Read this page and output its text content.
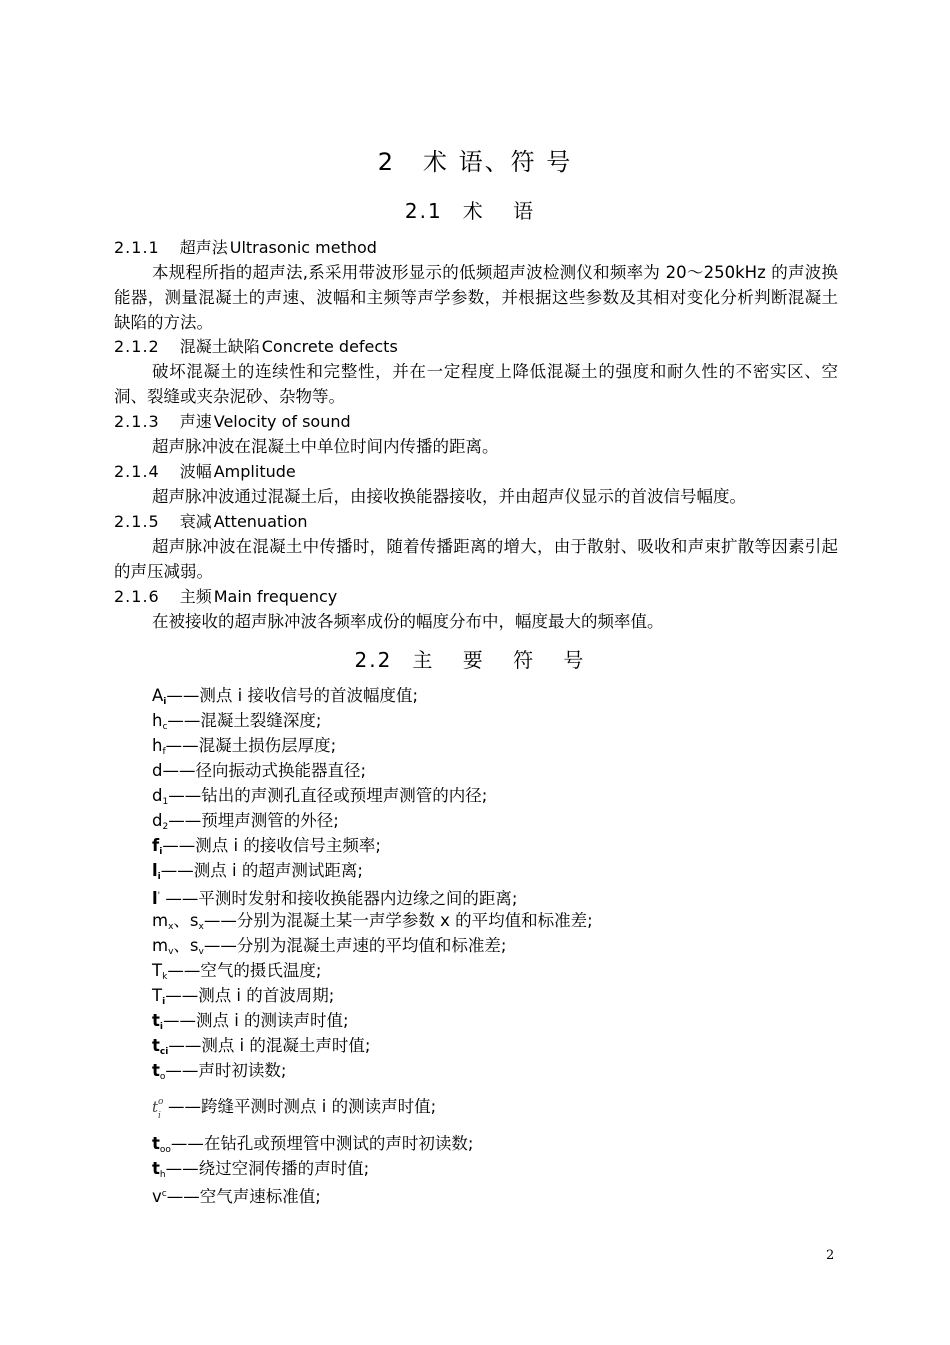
2 术 语、符 号
2.1 术 语
2.1.1 超声法 Ultrasonic method
本规程所指的超声法,系采用带波形显示的低频超声波检测仪和频率为 20～250kHz 的声波换能器，测量混凝土的声速、波幅和主频等声学参数，并根据这些参数及其相对变化分析判断混凝土缺陷的方法。
2.1.2 混凝土缺陷 Concrete defects
破坏混凝土的连续性和完整性，并在一定程度上降低混凝土的强度和耐久性的不密实区、空洞、裂缝或夹杂泥砂、杂物等。
2.1.3 声速 Velocity of sound
超声脉冲波在混凝土中单位时间内传播的距离。
2.1.4 波幅 Amplitude
超声脉冲波通过混凝土后，由接收换能器接收，并由超声仪显示的首波信号幅度。
2.1.5 衰减 Attenuation
超声脉冲波在混凝土中传播时，随着传播距离的增大，由于散射、吸收和声束扩散等因素引起的声压减弱。
2.1.6 主频 Main frequency
在被接收的超声脉冲波各频率成份的幅度分布中，幅度最大的频率值。
2.2 主 要 符 号
$A_i——$测点 i 接收信号的首波幅度值;
$h_c——$混凝土裂缝深度;
$h_f——$混凝土损伤层厚度;
d——径向振动式换能器直径;
$d_1——$钻出的声测孔直径或预埋声测管的内径;
$d_2——$预埋声测管的外径;
$f_i——$测点 i 的接收信号主频率;
$l_i——$测点 i 的超声测试距离;
l' ——平测时发射和接收换能器内边缘之间的距离;
$m_x$、$s_x——$分别为混凝土某一声学参数 x 的平均值和标准差;
$m_v$、$s_v——$分别为混凝土声速的平均值和标准差;
$T_k——$空气的摄氏温度;
$T_i——$测点 i 的首波周期;
$t_i——$测点 i 的测读声时值;
$t_{ci}——$测点 i 的混凝土声时值;
$t_o——$声时初读数;
t o
i ——跨缝平测时测点 i 的测读声时值;
$t_{oo}——$在钻孔或预埋管中测试的声时初读数;
$t_h——$绕过空洞传播的声时值;
$v^c——$空气声速标准值;
2
